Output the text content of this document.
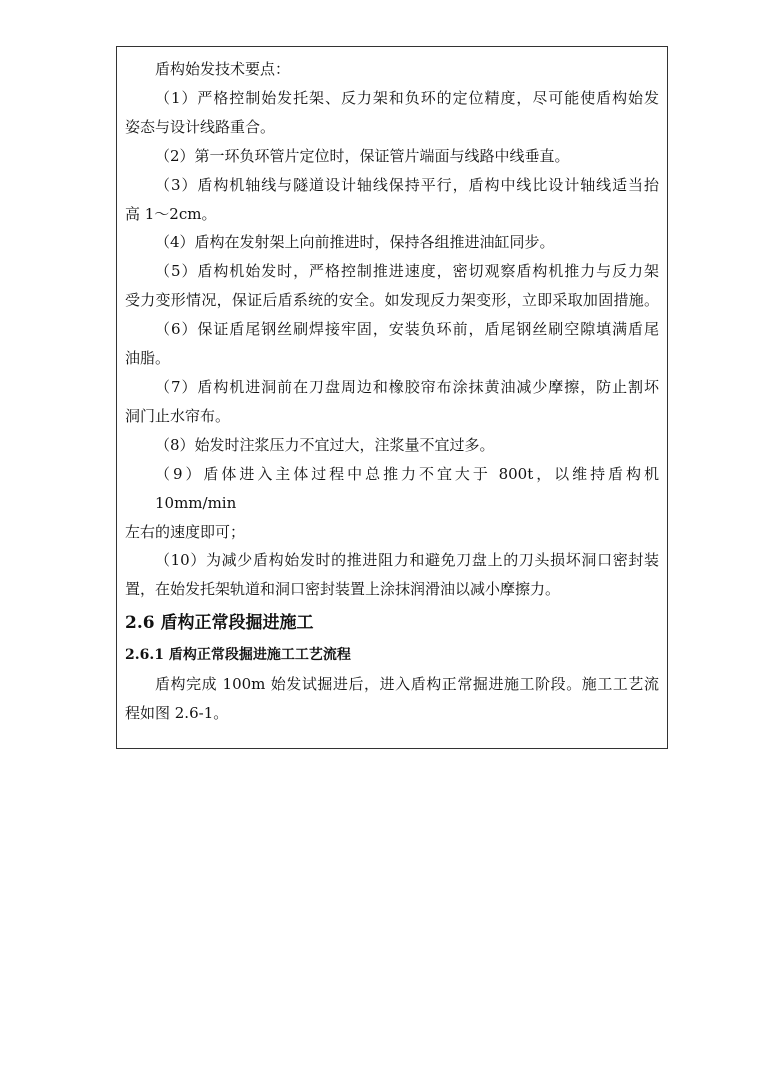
盾构始发技术要点：
（1）严格控制始发托架、反力架和负环的定位精度，尽可能使盾构始发
姿态与设计线路重合。
（2）第一环负环管片定位时，保证管片端面与线路中线垂直。
（3）盾构机轴线与隧道设计轴线保持平行，盾构中线比设计轴线适当抬
高 1～2cm。
（4）盾构在发射架上向前推进时，保持各组推进油缸同步。
（5）盾构机始发时，严格控制推进速度，密切观察盾构机推力与反力架
受力变形情况，保证后盾系统的安全。如发现反力架变形，立即采取加固措施。
（6）保证盾尾钢丝刷焊接牢固，安装负环前，盾尾钢丝刷空隙填满盾尾
油脂。
（7）盾构机进洞前在刀盘周边和橡胶帘布涂抹黄油减少摩擦，防止割坏
洞门止水帘布。
（8）始发时注浆压力不宜过大，注浆量不宜过多。
（9）盾体进入主体过程中总推力不宜大于 800t，以维持盾构机 10mm/min
左右的速度即可；
（10）为减少盾构始发时的推进阻力和避免刀盘上的刀头损坏洞口密封装
置，在始发托架轨道和洞口密封装置上涂抹润滑油以减小摩擦力。
2.6 盾构正常段掘进施工
2.6.1 盾构正常段掘进施工工艺流程
盾构完成 100m 始发试掘进后，进入盾构正常掘进施工阶段。施工工艺流
程如图 2.6-1。
